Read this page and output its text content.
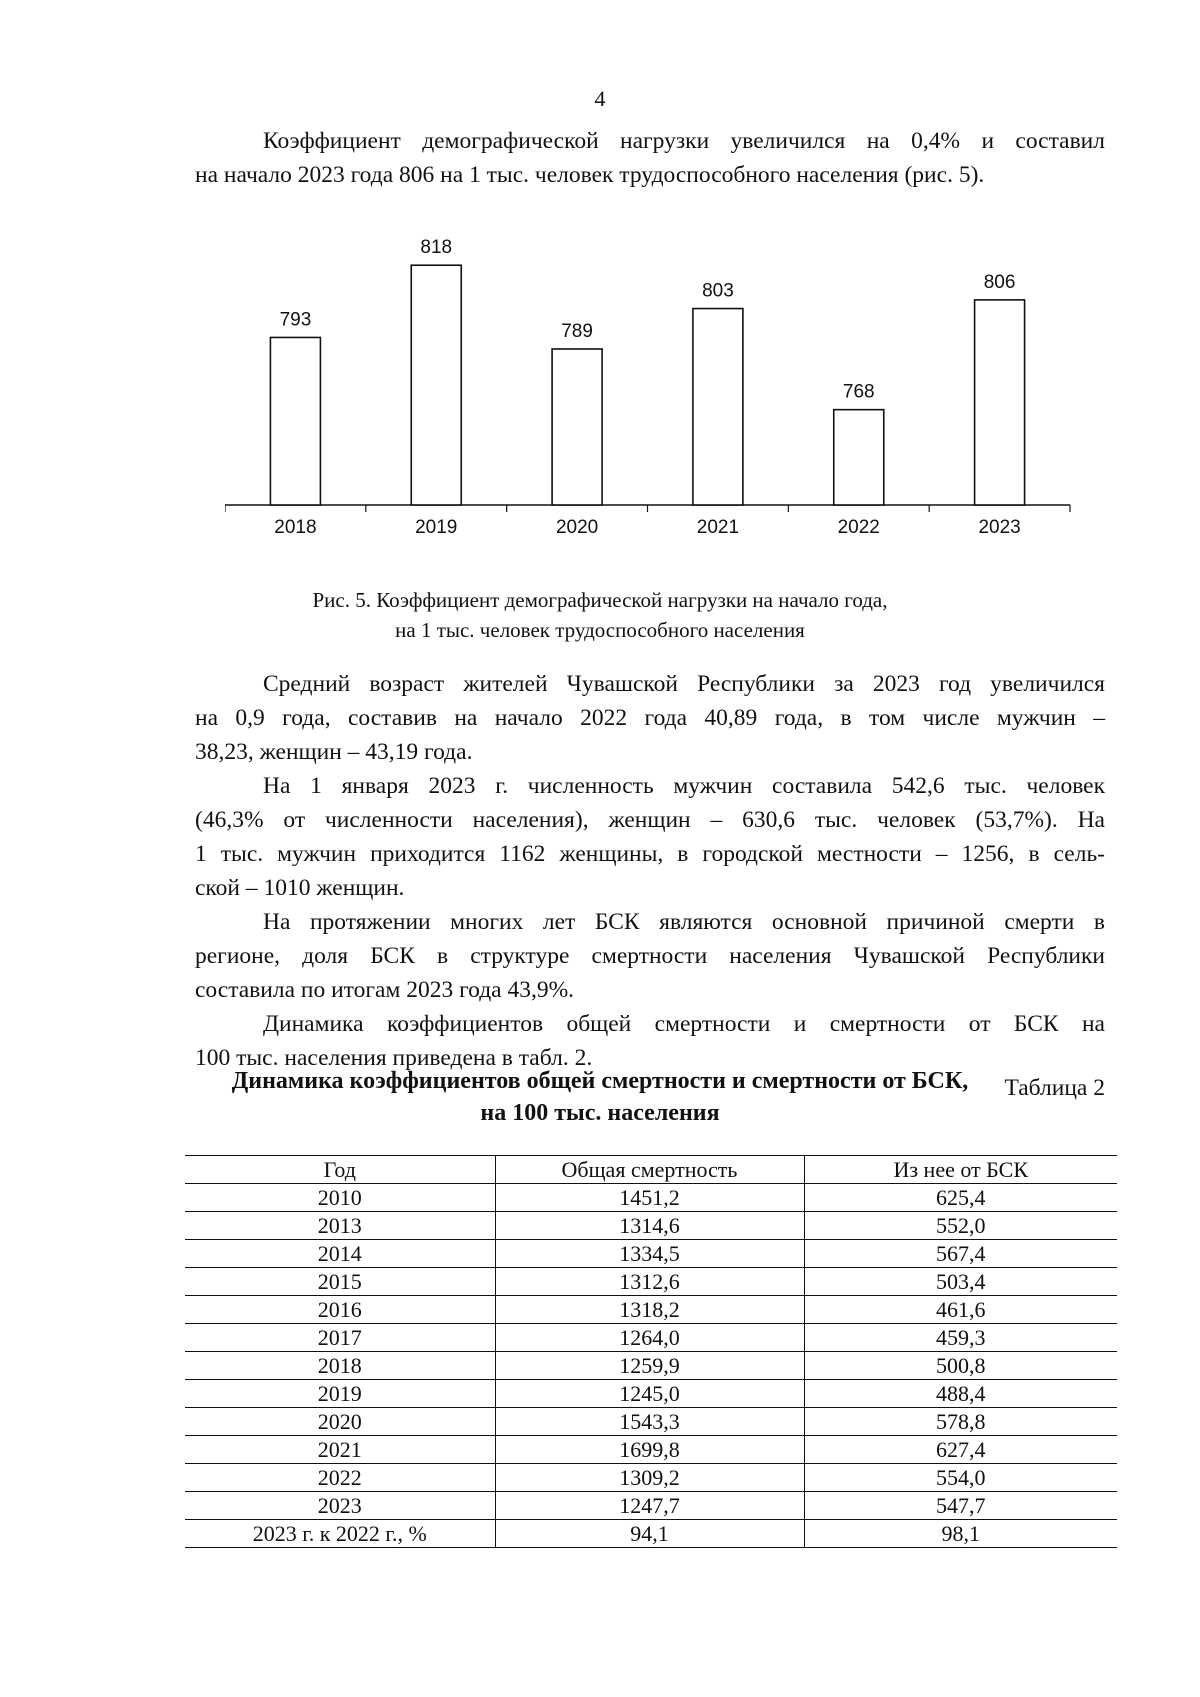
4
Коэффициент демографической нагрузки увеличился на 0,4% и составил
на начало 2023 года 806 на 1 тыс. человек трудоспособного населения (рис. 5).
793
2018
818
2019
789
2020
803
2021
768
2022
806
2023
Рис. 5. Коэффициент демографической нагрузки на начало года,
на 1 тыс. человек трудоспособного населения
Средний возраст жителей Чувашской Республики за 2023 год увеличился
на 0,9 года, составив на начало 2022 года 40,89 года, в том числе мужчин –
38,23, женщин – 43,19 года.
На 1 января 2023 г. численность мужчин составила 542,6 тыс. человек
(46,3% от численности населения), женщин – 630,6 тыс. человек (53,7%). На
1 тыс. мужчин приходится 1162 женщины, в городской местности – 1256, в сель-
ской – 1010 женщин.
На протяжении многих лет БСК являются основной причиной смерти в
регионе, доля БСК в структуре смертности населения Чувашской Республики
составила по итогам 2023 года 43,9%.
Динамика коэффициентов общей смертности и смертности от БСК на
100 тыс. населения приведена в табл. 2.
Таблица 2
Динамика коэффициентов общей смертности и смертности от БСК,
на 100 тыс. населения
Год	Общая смертность	Из нее от БСК
2010	1451,2	625,4
2013	1314,6	552,0
2014	1334,5	567,4
2015	1312,6	503,4
2016	1318,2	461,6
2017	1264,0	459,3
2018	1259,9	500,8
2019	1245,0	488,4
2020	1543,3	578,8
2021	1699,8	627,4
2022	1309,2	554,0
2023	1247,7	547,7
2023 г. к 2022 г., %	94,1	98,1
